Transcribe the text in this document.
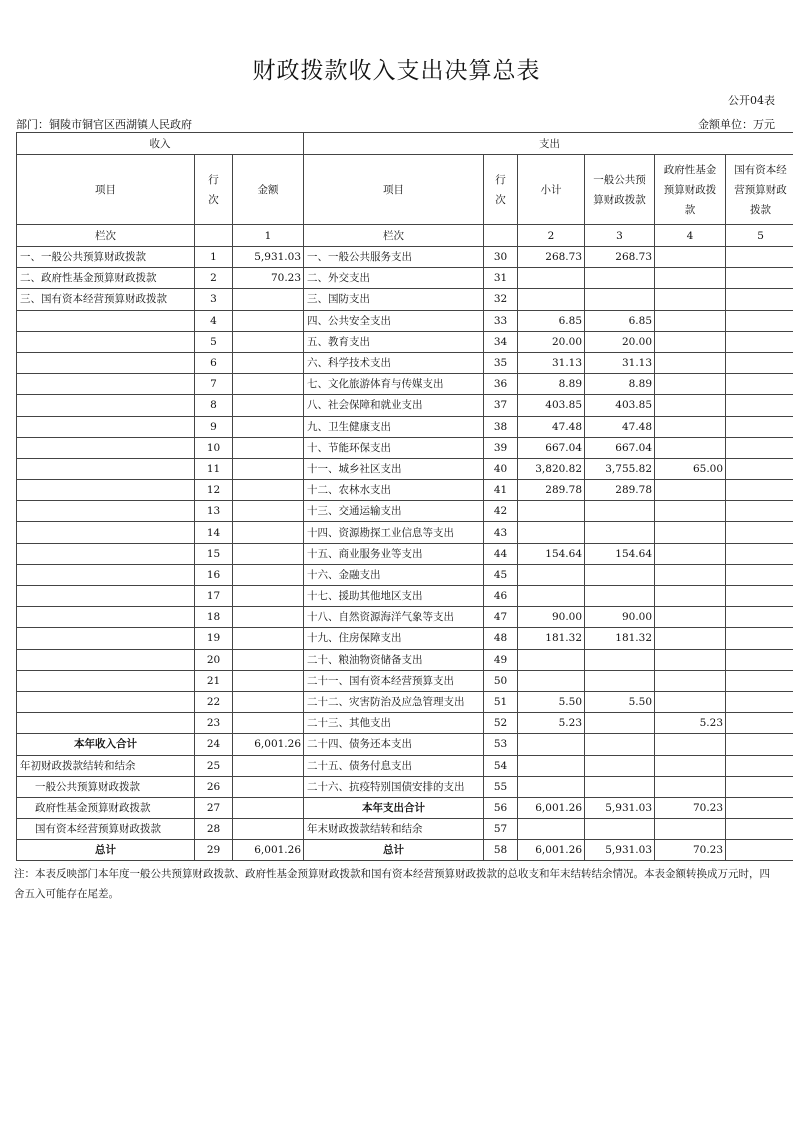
财政拨款收入支出决算总表
公开04表
部门：铜陵市铜官区西湖镇人民政府	金额单位：万元
收入			支出					
项目	行次	金额	项目	行次	小计	一般公共预算财政拨款	政府性基金预算财政拨款	国有资本经营预算财政拨款
栏次		1	栏次		2	3	4	5
一、一般公共预算财政拨款	1	5,931.03	一、一般公共服务支出	30	268.73	268.73		
二、政府性基金预算财政拨款	2	70.23	二、外交支出	31				
三、国有资本经营预算财政拨款	3		三、国防支出	32				
	4		四、公共安全支出	33	6.85	6.85		
	5		五、教育支出	34	20.00	20.00		
	6		六、科学技术支出	35	31.13	31.13		
	7		七、文化旅游体育与传媒支出	36	8.89	8.89		
	8		八、社会保障和就业支出	37	403.85	403.85		
	9		九、卫生健康支出	38	47.48	47.48		
	10		十、节能环保支出	39	667.04	667.04		
	11		十一、城乡社区支出	40	3,820.82	3,755.82	65.00	
	12		十二、农林水支出	41	289.78	289.78		
	13		十三、交通运输支出	42				
	14		十四、资源勘探工业信息等支出	43				
	15		十五、商业服务业等支出	44	154.64	154.64		
	16		十六、金融支出	45				
	17		十七、援助其他地区支出	46				
	18		十八、自然资源海洋气象等支出	47	90.00	90.00		
	19		十九、住房保障支出	48	181.32	181.32		
	20		二十、粮油物资储备支出	49				
	21		二十一、国有资本经营预算支出	50				
	22		二十二、灾害防治及应急管理支出	51	5.50	5.50		
	23		二十三、其他支出	52	5.23		5.23	
本年收入合计	24	6,001.26	二十四、债务还本支出	53				
年初财政拨款结转和结余	25		二十五、债务付息支出	54				
一般公共预算财政拨款	26		二十六、抗疫特别国债安排的支出	55				
政府性基金预算财政拨款	27		本年支出合计	56	6,001.26	5,931.03	70.23	
国有资本经营预算财政拨款	28		年末财政拨款结转和结余	57				
总计	29	6,001.26	总计	58	6,001.26	5,931.03	70.23	
注：本表反映部门本年度一般公共预算财政拨款、政府性基金预算财政拨款和国有资本经营预算财政拨款的总收支和年末结转结余情况。本表金额转换成万元时，四舍五入可能存在尾差。
